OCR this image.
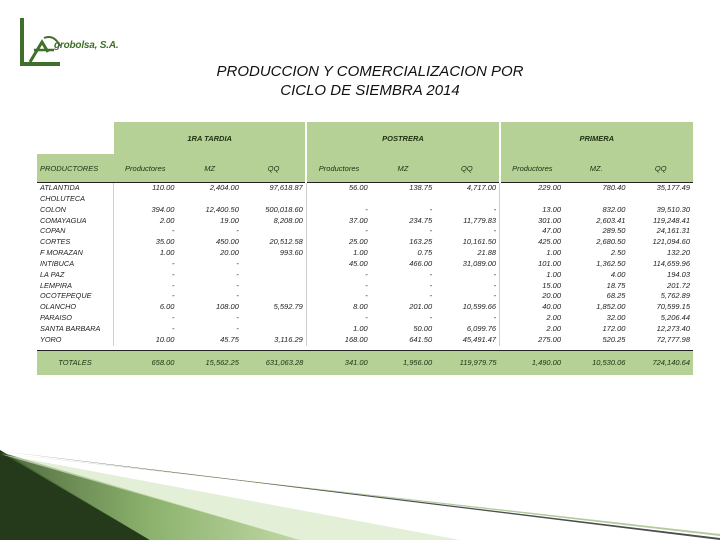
grobolsa, S.A.
PRODUCCION Y COMERCIALIZACION POR
CICLO DE SIEMBRA 2014
	1RA TARDIA			POSTRERA			PRIMERA		
PRODUCTORES	Productores	MZ	QQ	Productores	MZ	QQ	Productores	MZ.	QQ
ATLANTIDA	110.00	2,404.00	97,618.87	56.00	138.75	4,717.00	229.00	780.40	35,177.49
CHOLUTECA									
COLON	394.00	12,400.50	500,018.60	-	-	-	13.00	832.00	39,510.30
COMAYAGUA	2.00	19.00	8,208.00	37.00	234.75	11,779.83	301.00	2,603.41	119,248.41
COPAN	-	-		-	-	-	47.00	289.50	24,161.31
CORTES	35.00	450.00	20,512.58	25.00	163.25	10,161.50	425.00	2,680.50	121,094.60
F MORAZAN	1.00	20.00	993.60	1.00	0.75	21.88	1.00	2.50	132.20
INTIBUCA	-	-		45.00	466.00	31,089.00	101.00	1,362.50	114,659.96
LA PAZ	-	-		-	-	-	1.00	4.00	194.03
LEMPIRA	-	-		-	-	-	15.00	18.75	201.72
OCOTEPEQUE	-	-		-	-	-	20.00	68.25	5,762.89
OLANCHO	6.00	108.00	5,592.79	8.00	201.00	10,599.66	40.00	1,852.00	70,599.15
PARAISO	-	-		-	-	-	2.00	32.00	5,206.44
SANTA BARBARA	-	-		1.00	50.00	6,099.76	2.00	172.00	12,273.40
YORO	10.00	45.75	3,116.29	168.00	641.50	45,491.47	275.00	520.25	72,777.98

TOTALES	658.00	15,562.25	631,063.28	341.00	1,956.00	119,979.75	1,490.00	10,530.06	724,140.64
